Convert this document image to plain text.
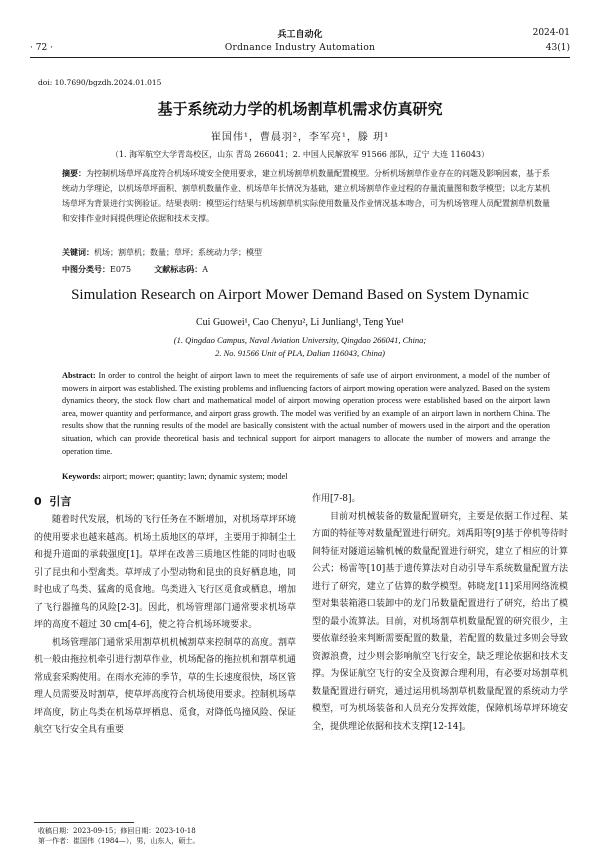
兵工自动化	2024-01
· 72 ·	Ordnance Industry Automation	43(1)
doi: 10.7690/bgzdh.2024.01.015
基于系统动力学的机场割草机需求仿真研究
崔国伟¹，曹晨羽²，李军亮¹，滕 玥¹
（1. 海军航空大学青岛校区，山东 青岛 266041；2. 中国人民解放军 91566 部队，辽宁 大连 116043）
摘要：为控制机场草坪高度符合机场环境安全使用要求，建立机场割草机数量配置模型。分析机场割草作业存在的问题及影响因素，基于系统动力学理论，以机场草坪面积、割草机数量作业、机场草年长情况为基础，建立机场割草作业过程的存量流量图和数学模型；以北方某机场草坪为背景进行实例验证。结果表明：模型运行结果与机场割草机实际使用数量及作业情况基本吻合，可为机场管理人员配置割草机数量和安排作业时间提供理论依据和技术支撑。
关键词：机场；割草机；数量；草坪；系统动力学；模型
中图分类号：E075	文献标志码：A
Simulation Research on Airport Mower Demand Based on System Dynamic
Cui Guowei¹, Cao Chenyu², Li Junliang¹, Teng Yue¹
(1. Qingdao Campus, Naval Aviation University, Qingdao 266041, China;
2. No. 91566 Unit of PLA, Dalian 116043, China)
Abstract: In order to control the height of airport lawn to meet the requirements of safe use of airport environment, a model of the number of mowers in airport was established. The existing problems and influencing factors of airport mowing operation were analyzed. Based on the system dynamics theory, the stock flow chart and mathematical model of airport mowing operation process were established based on the airport lawn area, mower quantity and performance, and airport grass growth. The model was verified by an example of an airport lawn in northern China. The results show that the running results of the model are basically consistent with the actual number of mowers used in the airport and the operation situation, which can provide theoretical basis and technical support for airport managers to allocate the number of mowers and arrange the operation time.
Keywords: airport; mower; quantity; lawn; dynamic system; model
0 引言

随着时代发展，机场的飞行任务在不断增加，对机场草坪环境的使用要求也越来越高。机场土质地区的草坪，主要用于抑制尘土和提升道面的承载强度[1]。草坪在改善三质地区性能的同时也吸引了昆虫和小型禽类。草坪成了小型动物和昆虫的良好栖息地，同时也成了鸟类、猛禽的觅食地。鸟类进入飞行区觅食或栖息，增加了飞行器撞鸟的风险[2-3]。因此，机场管理部门通常要求机场草坪的高度不超过 30 cm[4-6]，使之符合机场环境要求。

机场管理部门通常采用割草机机械割草来控制草的高度。割草机一般由拖拉机牵引进行割草作业，机场配备的拖拉机和割草机通常成套采购使用。在雨水充沛的季节，草的生长速度很快，场区管理人员需要及时割草，使草坪高度符合机场使用要求。控制机场草坪高度，防止鸟类在机场草坪栖息、觅食，对降低鸟撞风险、保证航空飞行安全具有重要

作用[7-8]。

目前对机械装备的数量配置研究，主要是依据工作过程、某方面的特征等对数量配置进行研究。刘禹阳等[9]基于停机等待时间特征对隧道运输机械的数量配置进行研究，建立了相应的计算公式；杨雷等[10]基于遗传算法对自动引导车系统数量配置方法进行了研究，建立了估算的数学模型。韩晓龙[11]采用网络流模型对集装箱港口装卸中的龙门吊数量配置进行了研究，给出了模型的最小流算法。目前，对机场割草机数量配置的研究很少，主要依靠经验来判断需要配置的数量，若配置的数量过多则会导致资源浪费，过少则会影响航空飞行安全，缺乏理论依据和技术支撑。为保证航空飞行的安全及资源合理利用，有必要对场割草机数量配置进行研究，通过运用机场割草机数量配置的系统动力学模型，可为机场装备和人员充分发挥效能，保障机场草坪环境安全，提供理论依据和技术支撑[12-14]。

收稿日期：2023-09-15；修回日期：2023-10-18
第一作者：崔国伟（1984—），男，山东人，硕士。
